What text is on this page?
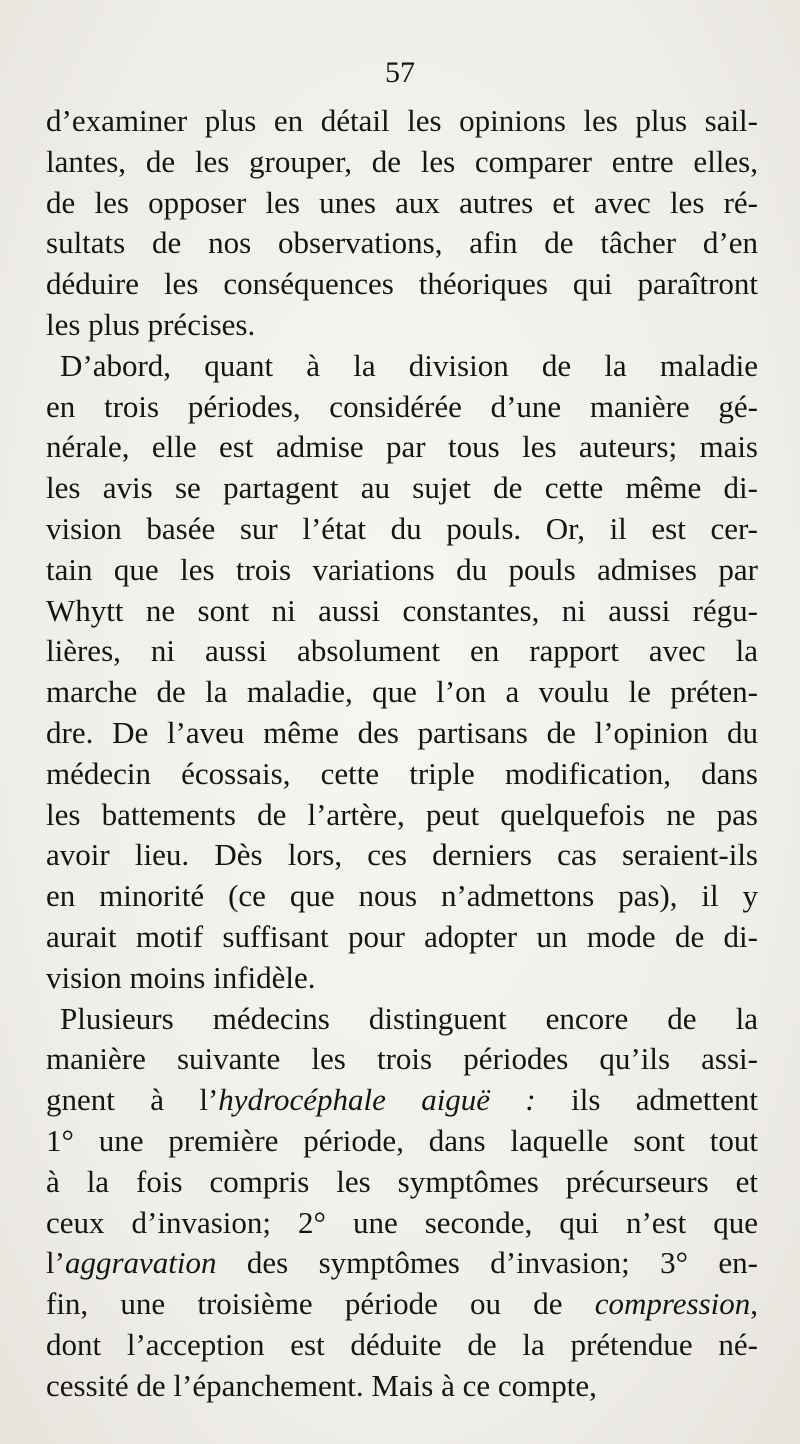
57
d’examiner plus en détail les opinions les plus sail-
lantes, de les grouper, de les comparer entre elles,
de les opposer les unes aux autres et avec les ré-
sultats de nos observations, afin de tâcher d’en
déduire les conséquences théoriques qui paraîtront
les plus précises.
D’abord, quant à la division de la maladie
en trois périodes, considérée d’une manière gé-
nérale, elle est admise par tous les auteurs; mais
les avis se partagent au sujet de cette même di-
vision basée sur l’état du pouls. Or, il est cer-
tain que les trois variations du pouls admises par
Whytt ne sont ni aussi constantes, ni aussi régu-
lières, ni aussi absolument en rapport avec la
marche de la maladie, que l’on a voulu le préten-
dre. De l’aveu même des partisans de l’opinion du
médecin écossais, cette triple modification, dans
les battements de l’artère, peut quelquefois ne pas
avoir lieu. Dès lors, ces derniers cas seraient-ils
en minorité (ce que nous n’admettons pas), il y
aurait motif suffisant pour adopter un mode de di-
vision moins infidèle.
Plusieurs médecins distinguent encore de la
manière suivante les trois périodes qu’ils assi-
gnent à l’hydrocéphale aiguë : ils admettent
1° une première période, dans laquelle sont tout
à la fois compris les symptômes précurseurs et
ceux d’invasion; 2° une seconde, qui n’est que
l’aggravation des symptômes d’invasion; 3° en-
fin, une troisième période ou de compression,
dont l’acception est déduite de la prétendue né-
cessité de l’épanchement. Mais à ce compte,
